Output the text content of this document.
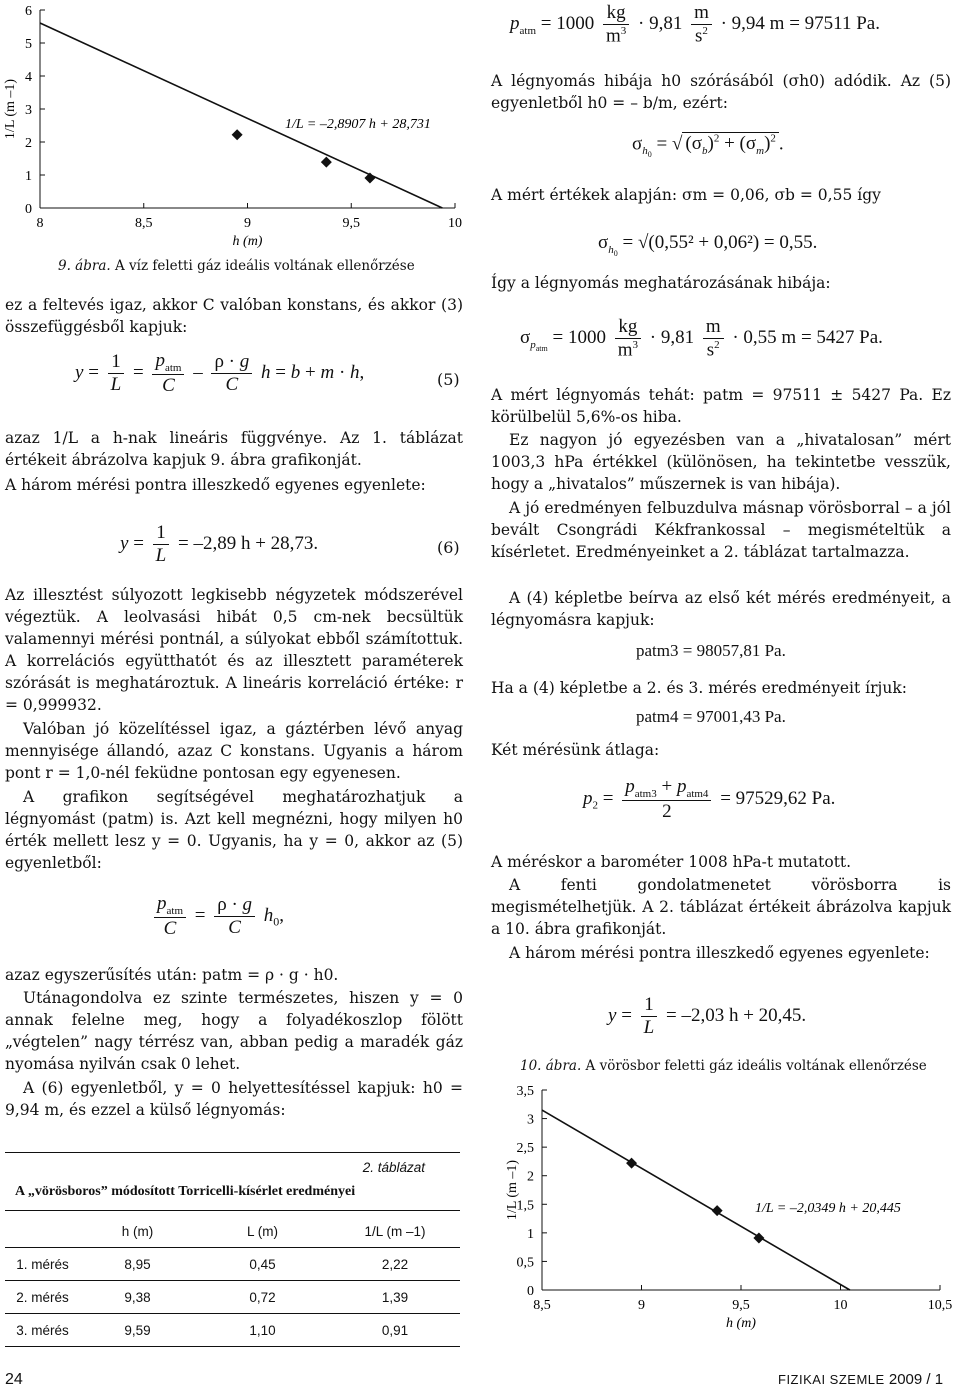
0
1
2
3
4
5
6
8	8,5	9	9,5	10
h (m)
1/L (m –1)	1/L = –2,8907 h + 28,731
9. ábra. A víz feletti gáz ideális voltának ellenőrzése

ez a feltevés igaz, akkor C valóban konstans, és akkor (3) összefüggésből kapjuk:

$y = \frac{1}{L} = \frac{p_{atm}}{C} - \frac{\rho \cdot g}{C}$ h = b + m · h,	(5)

azaz 1/L a h-nak lineáris függvénye. Az 1. táblázat értékeit ábrázolva kapjuk 9. ábra grafikonját.

A három mérési pontra illeszkedő egyenes egyenlete:

$y = \frac{1}{L} = -2,89$ h + 28,73.	(6)

Az illesztést súlyozott legkisebb négyzetek módszerével végeztük. A leolvasási hibát 0,5 cm-nek becsültük valamennyi mérési pontnál, a súlyokat ebből számítottuk. A korrelációs együtthatót és az illesztett paraméterek szórását is meghatároztuk. A lineáris korreláció értéke: r = 0,999932.

Valóban jó közelítéssel igaz, a gáztérben lévő anyag mennyisége állandó, azaz C konstans. Ugyanis a három pont r = 1,0-nél feküdne pontosan egy egyenesen.

A grafikon segítségével meghatározhatjuk a légnyomást (patm) is. Azt kell megnézni, hogy milyen h0 érték mellett lesz y = 0. Ugyanis, ha y = 0, akkor az (5) egyenletből:

$\frac{p_{atm}}{C} = \frac{\rho \cdot g}{C} h_0$,

azaz egyszerűsítés után: patm = ρ · g · h0.

Utánagondolva ez szinte természetes, hiszen y = 0 annak felelne meg, hogy a folyadékoszlop fölött „végtelen” nagy térrész van, abban pedig a maradék gáz nyomása nyilván csak 0 lehet.

A (6) egyenletből, y = 0 helyettesítéssel kapjuk: h0 = 9,94 m, és ezzel a külső légnyomás:

2. táblázat
A „vörösboros” módosított Torricelli-kísérlet eredményei
	h (m)	L (m)	1/L (m –1)
1. mérés	8,95	0,45	2,22
2. mérés	9,38	0,72	1,39
3. mérés	9,59	1,10	0,91
$p_{atm} = 1000 \frac{kg}{m^3} \cdot 9,81 \frac{m}{s^2} \cdot 9,94$ m = 97511 Pa.

A légnyomás hibája h0 szórásából (σh0) adódik. Az (5) egyenletből h0 = – b/m, ezért:

$\sigma_{h_0}$ = √ $(\sigma_b)^2 + (\sigma_m)^2$ .

A mért értékek alapján: σm = 0,06, σb = 0,55 így

$\sigma_{h_0} = √(0,55^2 + 0,06^2) = 0,55$.

Így a légnyomás meghatározásának hibája:

$\sigma_{p_{atm}} = 1000 \frac{kg}{m^3} \cdot 9,81 \frac{m}{s^2} \cdot 0,55$ m = 5427 Pa.

A mért légnyomás tehát: patm = 97511 ± 5427 Pa. Ez körülbelül 5,6%-os hiba.

Ez nagyon jó egyezésben van a „hivatalosan” mért 1003,3 hPa értékkel (különösen, ha tekintetbe vesszük, hogy a „hivatalos” műszernek is van hibája).

A jó eredményen felbuzdulva másnap vörösborral – a jól bevált Csongrádi Kékfrankossal – megismételtük a kísérletet. Eredményeinket a 2. táblázat tartalmazza.

A (4) képletbe beírva az első két mérés eredményeit, a légnyomásra kapjuk:

patm3 = 98057,81 Pa.

Ha a (4) képletbe a 2. és 3. mérés eredményeit írjuk:

patm4 = 97001,43 Pa.

Két mérésünk átlaga:

$p_2 = \frac{p_{atm3} + p_{atm4}}{2} = 97529,62$ Pa.

A méréskor a barométer 1008 hPa-t mutatott.

A fenti gondolatmenetet vörösborra is megismételhetjük. A 2. táblázat értékeit ábrázolva kapjuk a 10. ábra grafikonját.

A három mérési pontra illeszkedő egyenes egyenlete:

$y = \frac{1}{L} = -2,03$ h + 20,45.
10. ábra. A vörösbor feletti gáz ideális voltának ellenőrzése
0
0,5
1
1,5
2
2,5
3
3,5
8,5	9	9,5	10	10,5
h (m)
1/L (m –1)	1/L = –2,0349 h + 20,445
24	FIZIKAI SZEMLE 2009 / 1
